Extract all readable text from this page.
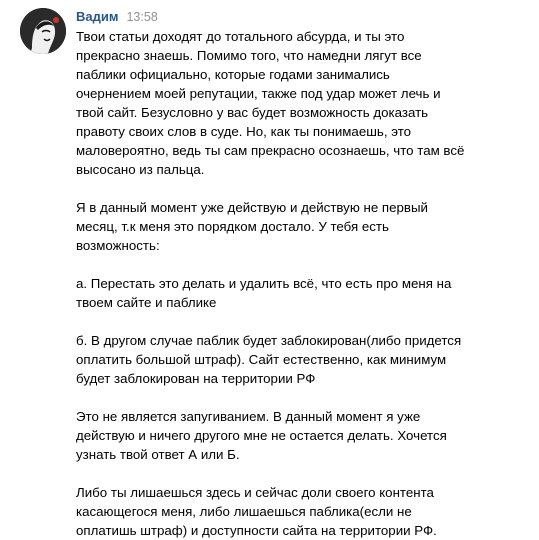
Вадим 13:58

Твои статьи доходят до тотального абсурда, и ты это
прекрасно знаешь. Помимо того, что намедни лягут все
паблики официально, которые годами занимались
очернением моей репутации, также под удар может лечь и
твой сайт. Безусловно у вас будет возможность доказать
правоту своих слов в суде. Но, как ты понимаешь, это
маловероятно, ведь ты сам прекрасно осознаешь, что там всё
высосано из пальца.

Я в данный момент уже действую и действую не первый
месяц, т.к меня это порядком достало. У тебя есть
возможность:

а. Перестать это делать и удалить всё, что есть про меня на
твоем сайте и паблике

б. В другом случае паблик будет заблокирован(либо придется
оплатить большой штраф). Сайт естественно, как минимум
будет заблокирован на территории РФ

Это не является запугиванием. В данный момент я уже
действую и ничего другого мне не остается делать. Хочется
узнать твой ответ А или Б.

Либо ты лишаешься здесь и сейчас доли своего контента
касающегося меня, либо лишаешься паблика(если не
оплатишь штраф) и доступности сайта на территории РФ.
